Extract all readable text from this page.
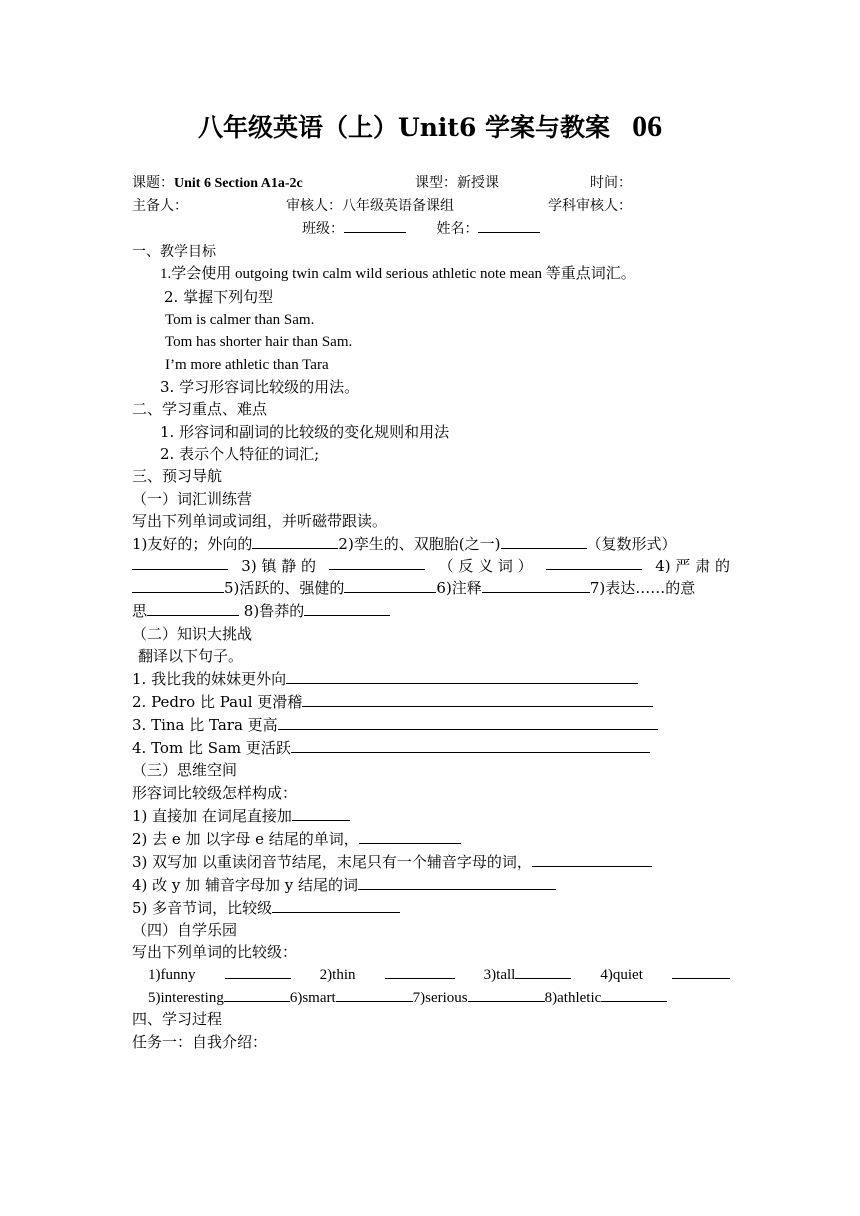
八年级英语（上）Unit6 学案与教案 06
课题：Unit 6 Section A1a-2c	课型：新授课	时间：
主备人：	审核人：八年级英语备课组	学科审核人：
班级：	姓名：
一、教学目标
1.学会使用 outgoing twin calm wild serious athletic note mean 等重点词汇。
2. 掌握下列句型
Tom is calmer than Sam.
Tom has shorter hair than Sam.
I’m more athletic than Tara
3. 学习形容词比较级的用法。
二、学习重点、难点
1. 形容词和副词的比较级的变化规则和用法
2. 表示个人特征的词汇;
三、预习导航
（一）词汇训练营
写出下列单词或词组，并听磁带跟读。
1)友好的；外向的	2)孪生的、双胞胎(之一)	（复数形式）
3) 镇 静 的	（ 反 义 词 ）	4) 严 肃 的
5)活跃的、强健的	6)注释	7)表达……的意
思	8)鲁莽的
（二）知识大挑战
翻译以下句子。
1. 我比我的妹妹更外向
2. Pedro 比 Paul 更滑稽
3. Tina 比 Tara 更高
4. Tom 比 Sam 更活跃
（三）思维空间
形容词比较级怎样构成：
1) 直接加 在词尾直接加
2) 去 e 加 以字母 e 结尾的单词，
3) 双写加 以重读闭音节结尾，末尾只有一个辅音字母的词，
4) 改 y 加 辅音字母加 y 结尾的词
5) 多音节词，比较级
（四）自学乐园
写出下列单词的比较级：
1)funny	2)thin	3)tall	4)quiet
5)interesting	6)smart	7)serious	8)athletic
四、学习过程
任务一：自我介绍：
